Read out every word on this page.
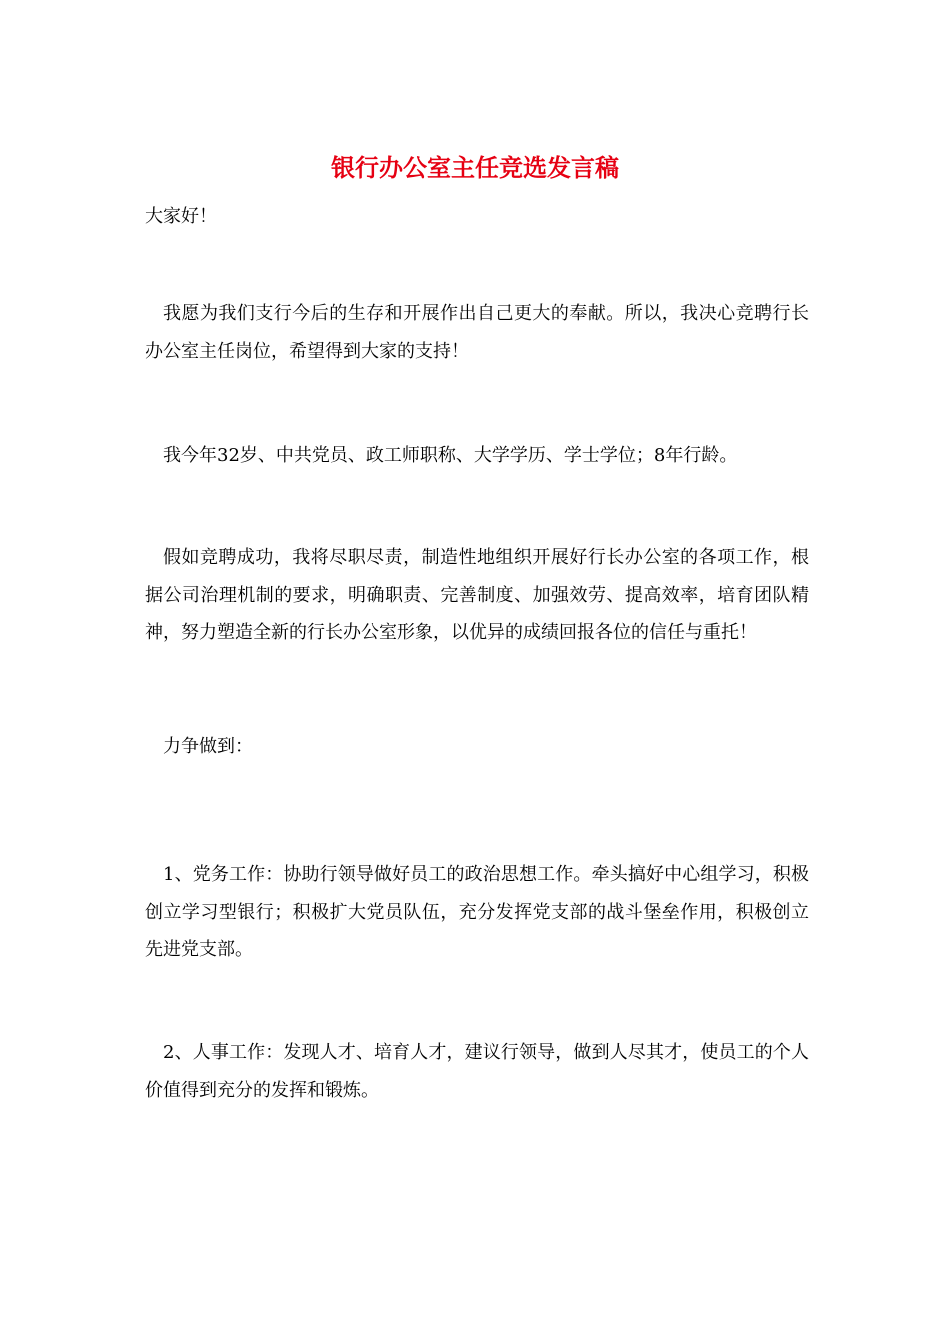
银行办公室主任竞选发言稿

大家好！

我愿为我们支行今后的生存和开展作出自己更大的奉献。所以，我决心竞聘行长办公室主任岗位，希望得到大家的支持！

我今年32岁、中共党员、政工师职称、大学学历、学士学位；8年行龄。

假如竞聘成功，我将尽职尽责，制造性地组织开展好行长办公室的各项工作，根据公司治理机制的要求，明确职责、完善制度、加强效劳、提高效率，培育团队精神，努力塑造全新的行长办公室形象，以优异的成绩回报各位的信任与重托！

力争做到：

1、党务工作：协助行领导做好员工的政治思想工作。牵头搞好中心组学习，积极创立学习型银行；积极扩大党员队伍，充分发挥党支部的战斗堡垒作用，积极创立先进党支部。

2、人事工作：发现人才、培育人才，建议行领导，做到人尽其才，使员工的个人价值得到充分的发挥和锻炼。
